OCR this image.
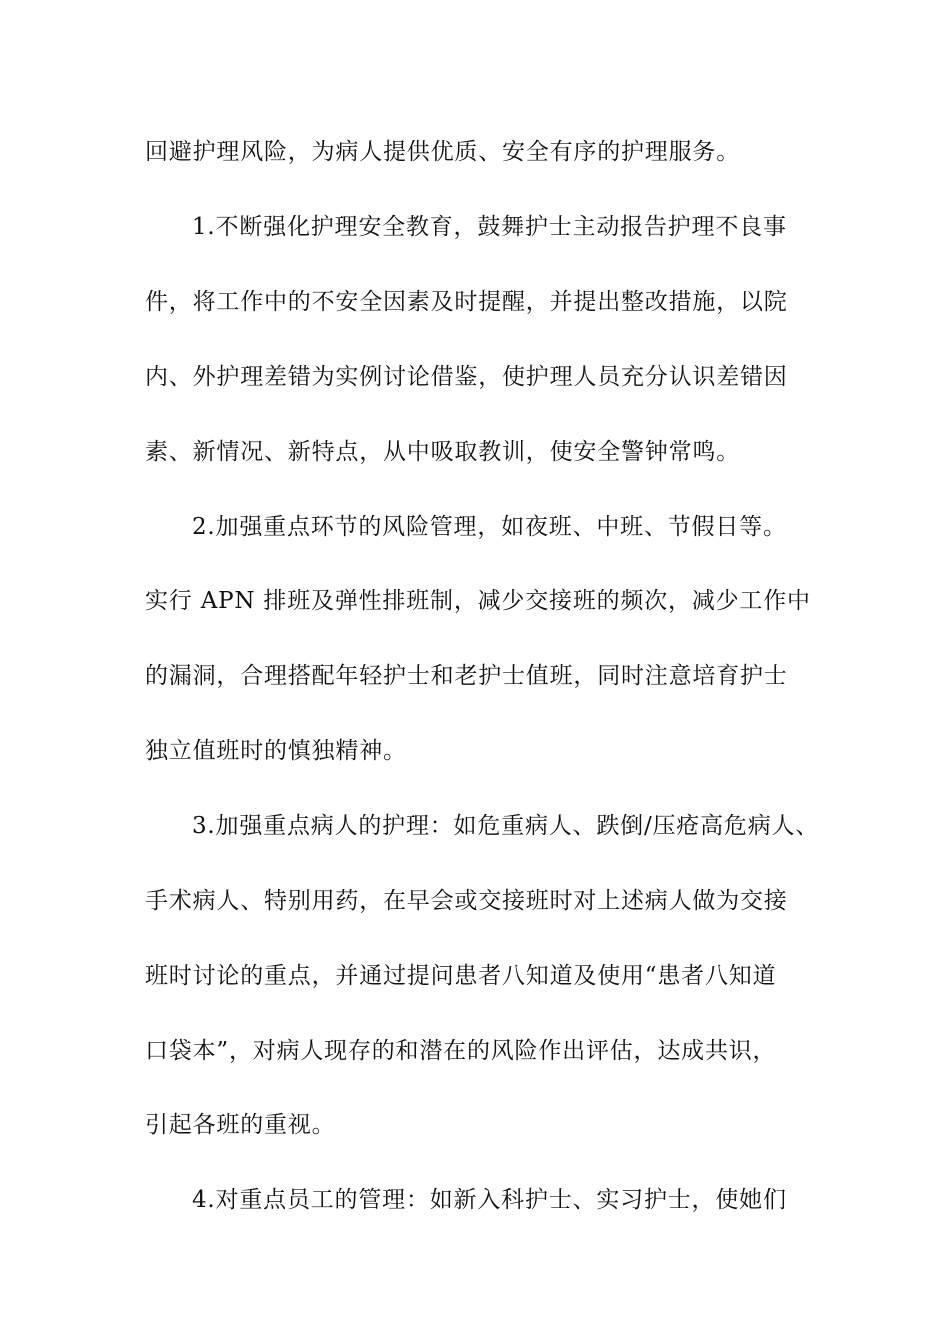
回避护理风险，为病人提供优质、安全有序的护理服务。
1.不断强化护理安全教育，鼓舞护士主动报告护理不良事
件，将工作中的不安全因素及时提醒，并提出整改措施，以院
内、外护理差错为实例讨论借鉴，使护理人员充分认识差错因
素、新情况、新特点，从中吸取教训，使安全警钟常鸣。
2.加强重点环节的风险管理，如夜班、中班、节假日等。
实行 APN 排班及弹性排班制，减少交接班的频次，减少工作中
的漏洞，合理搭配年轻护士和老护士值班，同时注意培育护士
独立值班时的慎独精神。
3.加强重点病人的护理：如危重病人、跌倒/压疮高危病人、
手术病人、特别用药，在早会或交接班时对上述病人做为交接
班时讨论的重点，并通过提问患者八知道及使用“患者八知道
口袋本”，对病人现存的和潜在的风险作出评估，达成共识，
引起各班的重视。
4.对重点员工的管理：如新入科护士、实习护士，使她们
